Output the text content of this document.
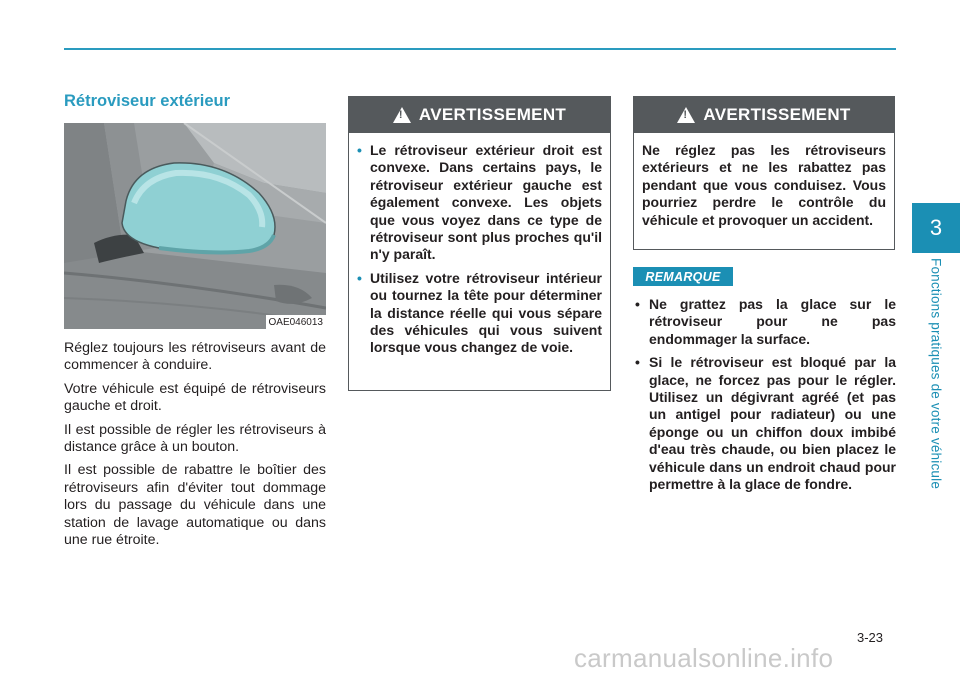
3
Fonctions pratiques de votre véhicule
Rétroviseur extérieur
OAE046013

Réglez toujours les rétroviseurs avant de commencer à conduire.

Votre véhicule est équipé de rétroviseurs gauche et droit.

Il est possible de régler les rétroviseurs à distance grâce à un bouton.

Il est possible de rabattre le boîtier des rétroviseurs afin d'éviter tout dommage lors du passage du véhicule dans une station de lavage automatique ou dans une rue étroite.

!
AVERTISSEMENT
• Le rétroviseur extérieur droit est convexe. Dans certains pays, le rétroviseur extérieur gauche est également convexe. Les objets que vous voyez dans ce type de rétroviseur sont plus proches qu'il n'y paraît.
• Utilisez votre rétroviseur intérieur ou tournez la tête pour déterminer la distance réelle qui vous sépare des véhicules qui vous suivent lorsque vous changez de voie.
!
AVERTISSEMENT

Ne réglez pas les rétroviseurs extérieurs et ne les rabattez pas pendant que vous conduisez. Vous pourriez perdre le contrôle du véhicule et provoquer un accident.

REMARQUE
• Ne grattez pas la glace sur le rétroviseur pour ne pas endommager la surface.
• Si le rétroviseur est bloqué par la glace, ne forcez pas pour le régler. Utilisez un dégivrant agréé (et pas un antigel pour radiateur) ou une éponge ou un chiffon doux imbibé d'eau très chaude, ou bien placez le véhicule dans un endroit chaud pour permettre à la glace de fondre.
3-23
carmanualsonline.info
